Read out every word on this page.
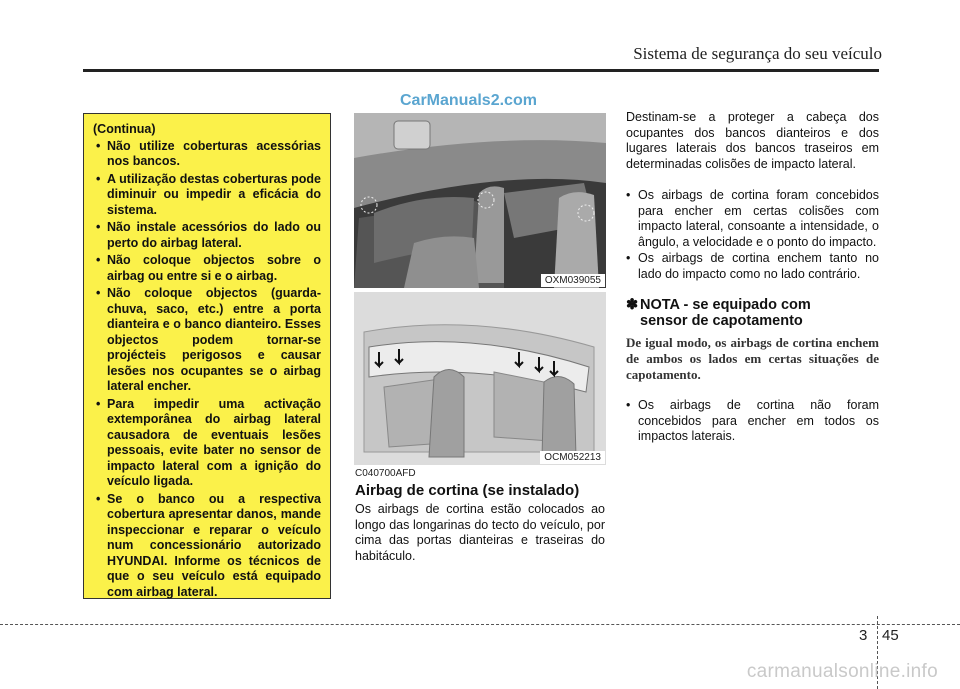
Sistema de segurança do seu veículo
CarManuals2.com
(Continua)
• Não utilize coberturas acessórias nos bancos.
• A utilização destas coberturas pode diminuir ou impedir a eficácia do sistema.
• Não instale acessórios do lado ou perto do airbag lateral.
• Não coloque objectos sobre o airbag ou entre si e o airbag.
• Não coloque objectos (guarda-chuva, saco, etc.) entre a porta dianteira e o banco dianteiro. Esses objectos podem tornar-se projécteis perigosos e causar lesões nos ocupantes se o airbag lateral encher.
• Para impedir uma activação extemporânea do airbag lateral causadora de eventuais lesões pessoais, evite bater no sensor de impacto lateral com a ignição do veículo ligada.
• Se o banco ou a respectiva cobertura apresentar danos, mande inspeccionar e reparar o veículo num concessionário autorizado HYUNDAI. Informe os técnicos de que o seu veículo está equipado com airbag lateral.
OXM039055
OCM052213
C040700AFD
Airbag de cortina (se instalado)
Os airbags de cortina estão colocados ao longo das longarinas do tecto do veículo, por cima das portas dianteiras e traseiras do habitáculo.

Destinam-se a proteger a cabeça dos ocupantes dos bancos dianteiros e dos lugares laterais dos bancos traseiros em determinadas colisões de impacto lateral.

• Os airbags de cortina foram concebidos para encher em certas colisões com impacto lateral, consoante a intensidade, o ângulo, a velocidade e o ponto do impacto.
• Os airbags de cortina enchem tanto no lado do impacto como no lado contrário.
✽ NOTA - se equipado com
sensor de capotamento
De igual modo, os airbags de cortina enchem de ambos os lados em certas situações de capotamento.
• Os airbags de cortina não foram concebidos para encher em todos os impactos laterais.
3 45
carmanualsonline.info
